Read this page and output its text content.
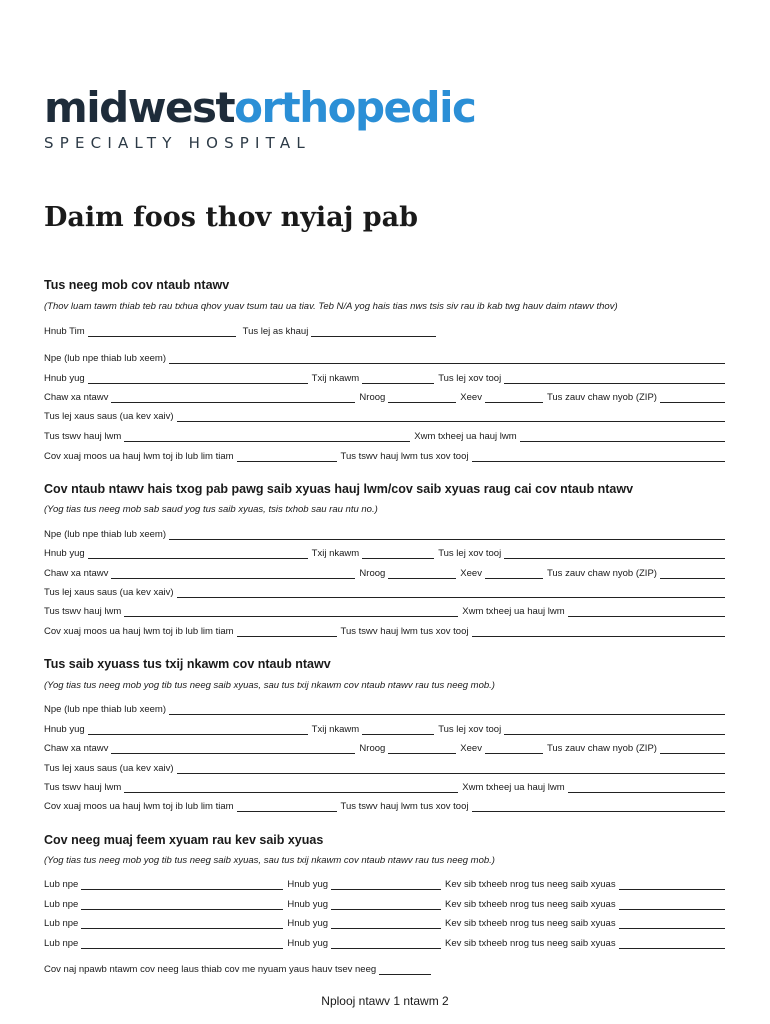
midwestorthopedic
SPECIALTY HOSPITAL
Daim foos thov nyiaj pab
Tus neeg mob cov ntaub ntawv
(Thov luam tawm thiab teb rau txhua qhov yuav tsum tau ua tiav. Teb N/A yog hais tias nws tsis siv rau ib kab twg hauv daim ntawv thov)
Hnub Tim	Tus lej as khauj
Npe (lub npe thiab lub xeem)
Hnub yug	Txij nkawm	Tus lej xov tooj
Chaw xa ntawv	Nroog	Xeev	Tus zauv chaw nyob (ZIP)
Tus lej xaus saus (ua kev xaiv)
Tus tswv hauj lwm	Xwm txheej ua hauj lwm
Cov xuaj moos ua hauj lwm toj ib lub lim tiam	Tus tswv hauj lwm tus xov tooj
Cov ntaub ntawv hais txog pab pawg saib xyuas hauj lwm/cov saib xyuas raug cai cov ntaub ntawv
(Yog tias tus neeg mob sab saud yog tus saib xyuas, tsis txhob sau rau ntu no.)
Npe (lub npe thiab lub xeem)
Hnub yug	Txij nkawm	Tus lej xov tooj
Chaw xa ntawv	Nroog	Xeev	Tus zauv chaw nyob (ZIP)
Tus lej xaus saus (ua kev xaiv)
Tus tswv hauj lwm	Xwm txheej ua hauj lwm
Cov xuaj moos ua hauj lwm toj ib lub lim tiam	Tus tswv hauj lwm tus xov tooj
Tus saib xyuass tus txij nkawm cov ntaub ntawv
(Yog tias tus neeg mob yog tib tus neeg saib xyuas, sau tus txij nkawm cov ntaub ntawv rau tus neeg mob.)
Npe (lub npe thiab lub xeem)
Hnub yug	Txij nkawm	Tus lej xov tooj
Chaw xa ntawv	Nroog	Xeev	Tus zauv chaw nyob (ZIP)
Tus lej xaus saus (ua kev xaiv)
Tus tswv hauj lwm	Xwm txheej ua hauj lwm
Cov xuaj moos ua hauj lwm toj ib lub lim tiam	Tus tswv hauj lwm tus xov tooj
Cov neeg muaj feem xyuam rau kev saib xyuas
(Yog tias tus neeg mob yog tib tus neeg saib xyuas, sau tus txij nkawm cov ntaub ntawv rau tus neeg mob.)
Lub npe	Hnub yug	Kev sib txheeb nrog tus neeg saib xyuas
Lub npe	Hnub yug	Kev sib txheeb nrog tus neeg saib xyuas
Lub npe	Hnub yug	Kev sib txheeb nrog tus neeg saib xyuas
Lub npe	Hnub yug	Kev sib txheeb nrog tus neeg saib xyuas
Cov naj npawb ntawm cov neeg laus thiab cov me nyuam yaus hauv tsev neeg
Nplooj ntawv 1 ntawm 2
